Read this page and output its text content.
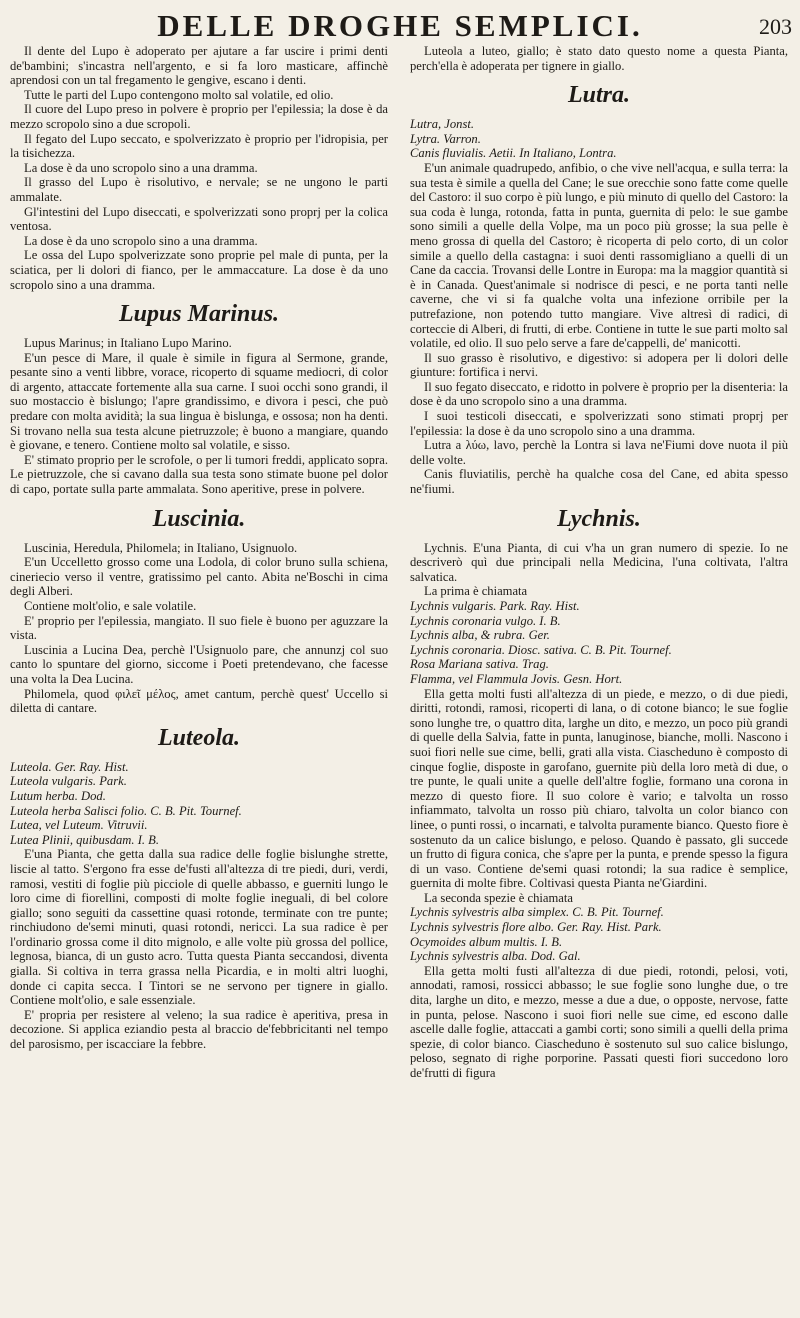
DELLE DROGHE SEMPLICI.	203

Il dente del Lupo è adoperato per ajutare a far uscire i primi denti de'bambini; s'incastra nell'argento, e si fa loro masticare, affinchè aprendosi con un tal fregamento le gengive, escano i denti.

Tutte le parti del Lupo contengono molto sal volatile, ed olio.

Il cuore del Lupo preso in polvere è proprio per l'epilessia; la dose è da mezzo scropolo sino a due scropoli.

Il fegato del Lupo seccato, e spolverizzato è proprio per l'idropisia, per la tisichezza.

La dose è da uno scropolo sino a una dramma.

Il grasso del Lupo è risolutivo, e nervale; se ne ungono le parti ammalate.

Gl'intestini del Lupo diseccati, e spolverizzati sono proprj per la colica ventosa.

La dose è da uno scropolo sino a una dramma.

Le ossa del Lupo spolverizzate sono proprie pel male di punta, per la sciatica, per li dolori di fianco, per le ammaccature. La dose è da uno scropolo sino a una dramma.

Lupus Marinus.

Lupus Marinus; in Italiano Lupo Marino.

E'un pesce di Mare, il quale è simile in figura al Sermone, grande, pesante sino a venti libbre, vorace, ricoperto di squame mediocri, di color di argento, attaccate fortemente alla sua carne. I suoi occhi sono grandi, il suo mostaccio è bislungo; l'apre grandissimo, e divora i pesci, che può predare con molta avidità; la sua lingua è bislunga, e ossosa; non ha denti. Si trovano nella sua testa alcune pietruzzole; è buono a mangiare, quando è giovane, e tenero. Contiene molto sal volatile, e sisso.

E' stimato proprio per le scrofole, o per li tumori freddi, applicato sopra. Le pietruzzole, che si cavano dalla sua testa sono stimate buone pel dolor di capo, portate sulla parte ammalata. Sono aperitive, prese in polvere.

Luscinia.

Luscinia, Heredula, Philomela; in Italiano, Usignuolo.

E'un Uccelletto grosso come una Lodola, di color bruno sulla schiena, cineriecio verso il ventre, gratissimo pel canto. Abita ne'Boschi in cima degli Alberi.

Contiene molt'olio, e sale volatile.

E' proprio per l'epilessia, mangiato. Il suo fiele è buono per aguzzare la vista.

Luscinia a Lucina Dea, perchè l'Usignuolo pare, che annunzj col suo canto lo spuntare del giorno, siccome i Poeti pretendevano, che facesse una volta la Dea Lucina.

Philomela, quod φιλεῖ μέλος, amet cantum, perchè quest' Uccello si diletta di cantare.

Luteola.

Luteola. Ger. Ray. Hist.

Luteola vulgaris. Park.

Lutum herba. Dod.

Luteola herba Salisci folio. C. B. Pit. Tournef.

Lutea, vel Luteum. Vitruvii.

Lutea Plinii, quibusdam. I. B.

E'una Pianta, che getta dalla sua radice delle foglie bislunghe strette, liscie al tatto. S'ergono fra esse de'fusti all'altezza di tre piedi, duri, verdi, ramosi, vestiti di foglie più picciole di quelle abbasso, e guerniti lungo le loro cime di fiorellini, composti di molte foglie ineguali, di bel colore giallo; sono seguiti da cassettine quasi rotonde, terminate con tre punte; rinchiudono de'semi minuti, quasi rotondi, nericci. La sua radice è per l'ordinario grossa come il dito mignolo, e alle volte più grossa del pollice, legnosa, bianca, di un gusto acro. Tutta questa Pianta seccandosi, diventa gialla. Si coltiva in terra grassa nella Picardia, e in molti altri luoghi, donde ci capita secca. I Tintori se ne servono per tignere in giallo. Contiene molt'olio, e sale essenziale.

E' propria per resistere al veleno; la sua radice è aperitiva, presa in decozione. Si applica eziandio pesta al braccio de'febbricitanti nel tempo del parosismo, per iscacciare la febbre.

Luteola a luteo, giallo; è stato dato questo nome a questa Pianta, perch'ella è adoperata per tignere in giallo.

Lutra.

Lutra, Jonst.

Lytra. Varron.

Canis fluvialis. Aetii. In Italiano, Lontra.

E'un animale quadrupedo, anfibio, o che vive nell'acqua, e sulla terra: la sua testa è simile a quella del Cane; le sue orecchie sono fatte come quelle del Castoro: il suo corpo è più lungo, e più minuto di quello del Castoro: la sua coda è lunga, rotonda, fatta in punta, guernita di pelo: le sue gambe sono simili a quelle della Volpe, ma un poco più grosse; la sua pelle è meno grossa di quella del Castoro; è ricoperta di pelo corto, di un color simile a quello della castagna: i suoi denti rassomigliano a quelli di un Cane da caccia. Trovansi delle Lontre in Europa: ma la maggior quantità si è in Canada. Quest'animale si nodrisce di pesci, e ne porta tanti nelle caverne, che vi si fa qualche volta una infezione orribile per la putrefazione, non potendo tutto mangiare. Vive altresì di radici, di corteccie di Alberi, di frutti, di erbe. Contiene in tutte le sue parti molto sal volatile, ed olio. Il suo pelo serve a fare de'cappelli, de' manicotti.

Il suo grasso è risolutivo, e digestivo: si adopera per li dolori delle giunture: fortifica i nervi.

Il suo fegato diseccato, e ridotto in polvere è proprio per la disenteria: la dose è da uno scropolo sino a una dramma.

I suoi testicoli diseccati, e spolverizzati sono stimati proprj per l'epilessia: la dose è da uno scropolo sino a una dramma.

Lutra a λύω, lavo, perchè la Lontra si lava ne'Fiumi dove nuota il più delle volte.

Canis fluviatilis, perchè ha qualche cosa del Cane, ed abita spesso ne'fiumi.

Lychnis.

Lychnis. E'una Pianta, di cui v'ha un gran numero di spezie. Io ne descriverò quì due principali nella Medicina, l'una coltivata, l'altra salvatica.

La prima è chiamata

Lychnis vulgaris. Park. Ray. Hist.

Lychnis coronaria vulgo. I. B.

Lychnis alba, & rubra. Ger.

Lychnis coronaria. Diosc. sativa. C. B. Pit. Tournef.

Rosa Mariana sativa. Trag.

Flamma, vel Flammula Jovis. Gesn. Hort.

Ella getta molti fusti all'altezza di un piede, e mezzo, o di due piedi, diritti, rotondi, ramosi, ricoperti di lana, o di cotone bianco; le sue foglie sono lunghe tre, o quattro dita, larghe un dito, e mezzo, un poco più grandi di quelle della Salvia, fatte in punta, lanuginose, bianche, molli. Nascono i suoi fiori nelle sue cime, belli, grati alla vista. Ciascheduno è composto di cinque foglie, disposte in garofano, guernite più della loro metà di due, o tre punte, le quali unite a quelle dell'altre foglie, formano una corona in mezzo di questo fiore. Il suo colore è vario; e talvolta un rosso infiammato, talvolta un rosso più chiaro, talvolta un color bianco con linee, o punti rossi, o incarnati, e talvolta puramente bianco. Questo fiore è sostenuto da un calice bislungo, e peloso. Quando è passato, gli succede un frutto di figura conica, che s'apre per la punta, e prende spesso la figura di un vaso. Contiene de'semi quasi rotondi; la sua radice è semplice, guernita di molte fibre. Coltivasi questa Pianta ne'Giardini.

La seconda spezie è chiamata

Lychnis sylvestris alba simplex. C. B. Pit. Tournef.

Lychnis sylvestris flore albo. Ger. Ray. Hist. Park.

Ocymoides album multis. I. B.

Lychnis sylvestris alba. Dod. Gal.

Ella getta molti fusti all'altezza di due piedi, rotondi, pelosi, voti, annodati, ramosi, rossicci abbasso; le sue foglie sono lunghe due, o tre dita, larghe un dito, e mezzo, messe a due a due, o opposte, nervose, fatte in punta, pelose. Nascono i suoi fiori nelle sue cime, ed escono dalle ascelle dalle foglie, attaccati a gambi corti; sono simili a quelli della prima spezie, di color bianco. Ciascheduno è sostenuto sul suo calice bislungo, peloso, segnato di righe porporine. Passati questi fiori succedono loro de'frutti di figura
